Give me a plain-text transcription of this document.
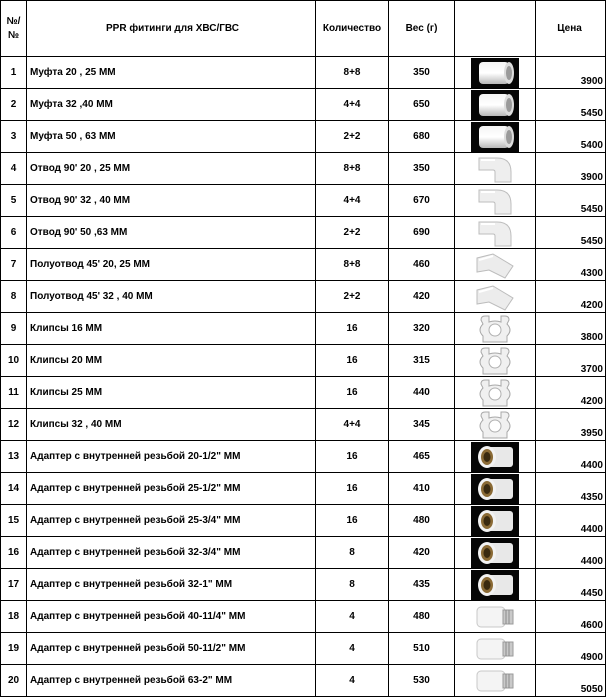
№/
№	PPR фитинги для ХВС/ГВС	Количество	Вес (г)		Цена
1	Муфта 20 , 25 ММ	8+8	350		3900
2	Муфта 32 ,40 ММ	4+4	650		5450
3	Муфта 50 , 63 ММ	2+2	680		5400
4	Отвод 90' 20 , 25 ММ	8+8	350		3900
5	Отвод 90' 32 , 40 ММ	4+4	670		5450
6	Отвод 90' 50 ,63 ММ	2+2	690		5450
7	Полуотвод 45' 20, 25 ММ	8+8	460		4300
8	Полуотвод 45' 32 , 40 ММ	2+2	420		4200
9	Клипсы 16 ММ	16	320		3800
10	Клипсы 20 ММ	16	315		3700
11	Клипсы 25 ММ	16	440		4200
12	Клипсы 32 , 40 ММ	4+4	345		3950
13	Адаптер с внутренней резьбой 20-1/2" ММ	16	465		4400
14	Адаптер с внутренней резьбой 25-1/2" ММ	16	410		4350
15	Адаптер с внутренней резьбой 25-3/4" ММ	16	480		4400
16	Адаптер с внутренней резьбой 32-3/4" ММ	8	420		4400
17	Адаптер с внутренней резьбой 32-1" ММ	8	435		4450
18	Адаптер с внутренней резьбой 40-11/4" ММ	4	480		4600
19	Адаптер с внутренней резьбой 50-11/2" ММ	4	510		4900
20	Адаптер с внутренней резьбой 63-2" ММ	4	530		5050
